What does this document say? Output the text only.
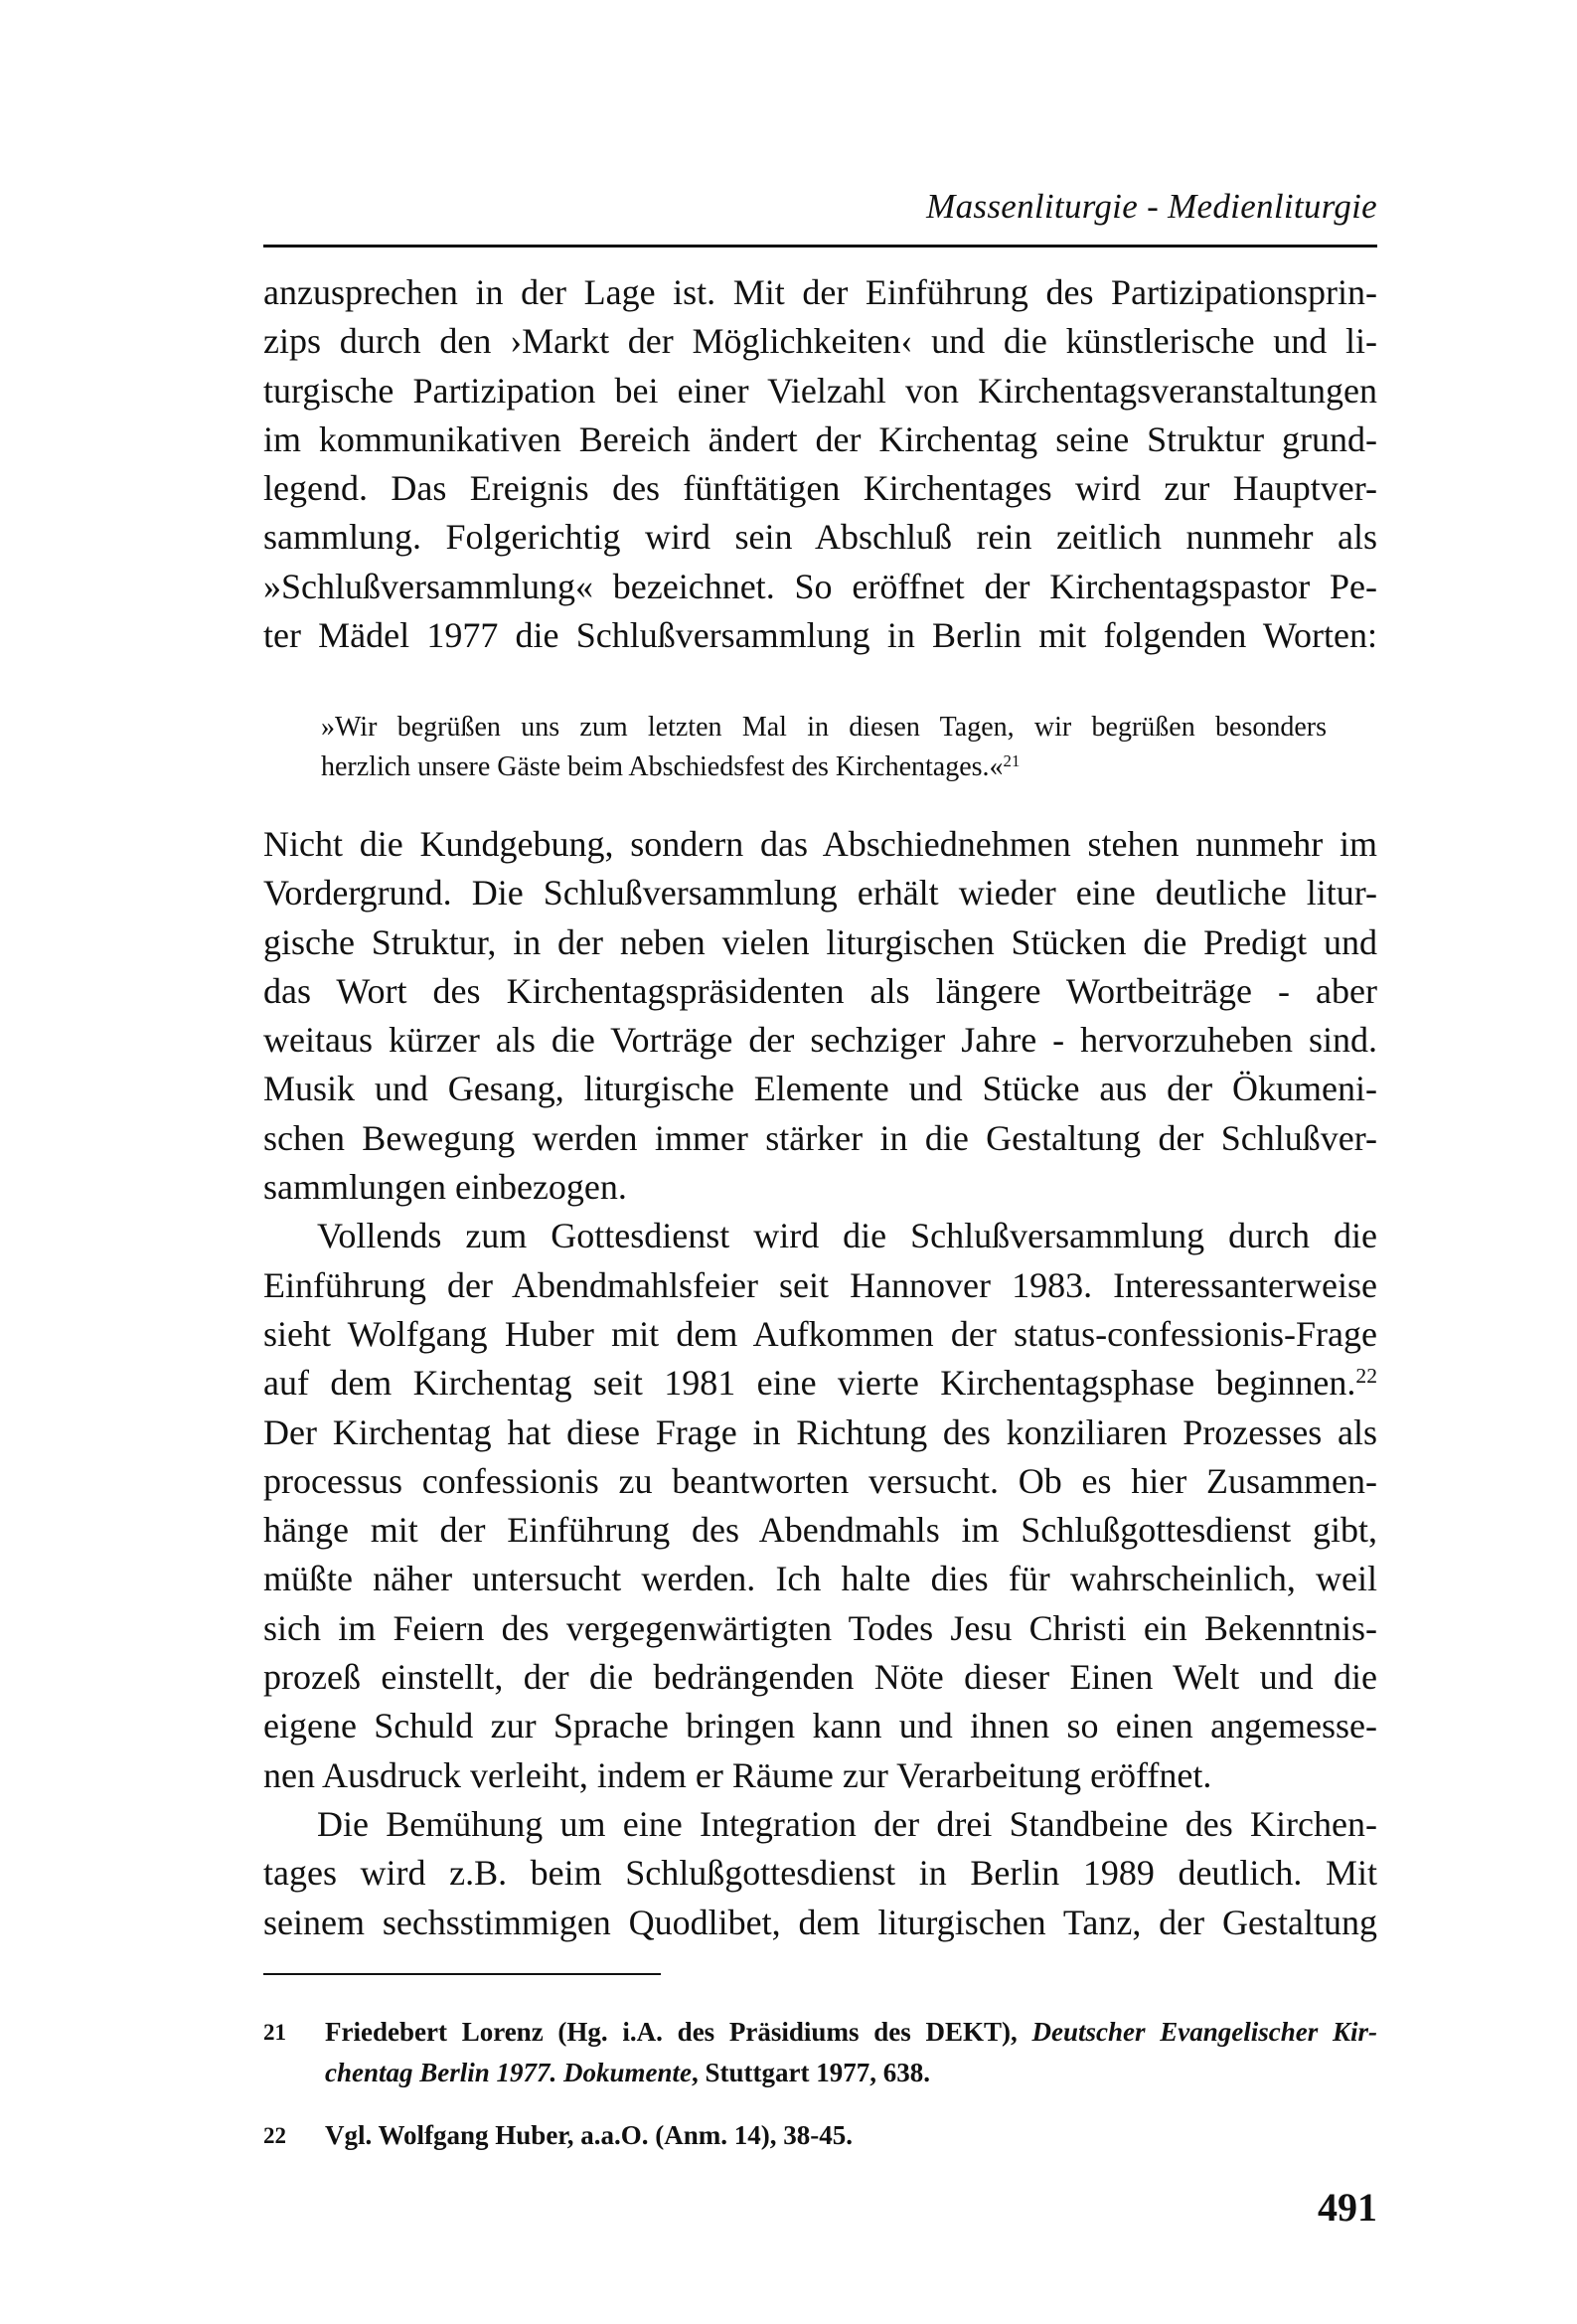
Massenliturgie - Medienliturgie
anzusprechen in der Lage ist. Mit der Einführung des Partizipationsprin-
zips durch den ›Markt der Möglichkeiten‹ und die künstlerische und li-
turgische Partizipation bei einer Vielzahl von Kirchentagsveranstaltungen
im kommunikativen Bereich ändert der Kirchentag seine Struktur grund-
legend. Das Ereignis des fünftätigen Kirchentages wird zur Hauptver-
sammlung. Folgerichtig wird sein Abschluß rein zeitlich nunmehr als
»Schlußversammlung« bezeichnet. So eröffnet der Kirchentagspastor Pe-
ter Mädel 1977 die Schlußversammlung in Berlin mit folgenden Worten:
»Wir begrüßen uns zum letzten Mal in diesen Tagen, wir begrüßen besonders
herzlich unsere Gäste beim Abschiedsfest des Kirchentages.«$^{21}$
Nicht die Kundgebung, sondern das Abschiednehmen stehen nunmehr im
Vordergrund. Die Schlußversammlung erhält wieder eine deutliche litur-
gische Struktur, in der neben vielen liturgischen Stücken die Predigt und
das Wort des Kirchentagspräsidenten als längere Wortbeiträge - aber
weitaus kürzer als die Vorträge der sechziger Jahre - hervorzuheben sind.
Musik und Gesang, liturgische Elemente und Stücke aus der Ökumeni-
schen Bewegung werden immer stärker in die Gestaltung der Schlußver-
sammlungen einbezogen.
Vollends zum Gottesdienst wird die Schlußversammlung durch die
Einführung der Abendmahlsfeier seit Hannover 1983. Interessanterweise
sieht Wolfgang Huber mit dem Aufkommen der status-confessionis-Frage
auf dem Kirchentag seit 1981 eine vierte Kirchentagsphase beginnen.$^{22}$
Der Kirchentag hat diese Frage in Richtung des konziliaren Prozesses als
processus confessionis zu beantworten versucht. Ob es hier Zusammen-
hänge mit der Einführung des Abendmahls im Schlußgottesdienst gibt,
müßte näher untersucht werden. Ich halte dies für wahrscheinlich, weil
sich im Feiern des vergegenwärtigten Todes Jesu Christi ein Bekenntnis-
prozeß einstellt, der die bedrängenden Nöte dieser Einen Welt und die
eigene Schuld zur Sprache bringen kann und ihnen so einen angemesse-
nen Ausdruck verleiht, indem er Räume zur Verarbeitung eröffnet.
Die Bemühung um eine Integration der drei Standbeine des Kirchen-
tages wird z.B. beim Schlußgottesdienst in Berlin 1989 deutlich. Mit
seinem sechsstimmigen Quodlibet, dem liturgischen Tanz, der Gestaltung
21 Friedebert Lorenz (Hg. i.A. des Präsidiums des DEKT), Deutscher Evangelischer Kir-
chentag Berlin 1977. Dokumente, Stuttgart 1977, 638.
22 Vgl. Wolfgang Huber, a.a.O. (Anm. 14), 38-45.
491
